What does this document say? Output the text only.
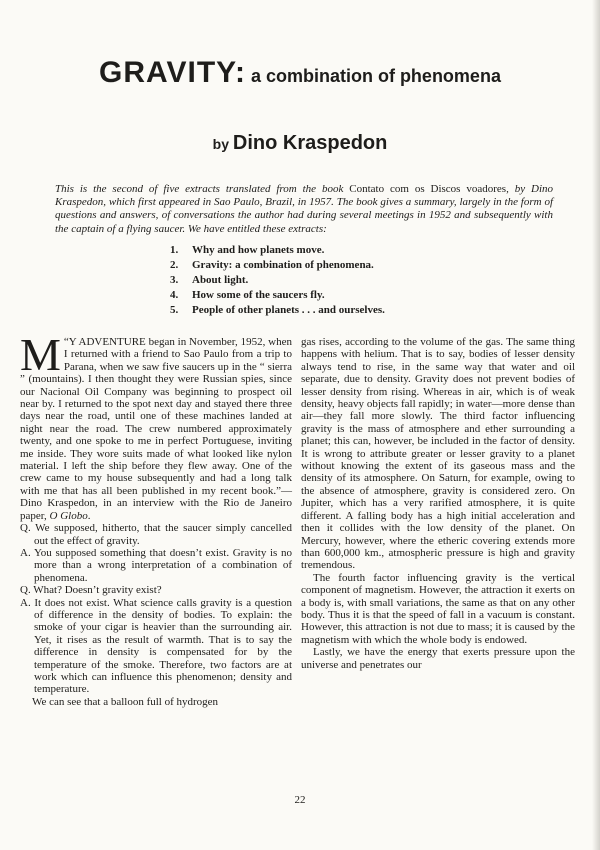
GRAVITY: a combination of phenomena
by Dino Kraspedon

This is the second of five extracts translated from the book Contato com os Discos voadores, by Dino Kraspedon, which first appeared in Sao Paulo, Brazil, in 1957. The book gives a summary, largely in the form of questions and answers, of conversations the author had during several meetings in 1952 and subsequently with the captain of a flying saucer. We have entitled these extracts:

1. Why and how planets move.
2. Gravity: a combination of phenomena.
3. About light.
4. How some of the saucers fly.
5. People of other planets . . . and ourselves.

“
M Y ADVENTURE began in November, 1952, when I returned with a friend to Sao Paulo from a trip to Parana, when we saw five saucers up in the “ sierra ” (mountains). I then thought they were Russian spies, since our Nacional Oil Company was beginning to prospect oil near by. I returned to the spot next day and stayed there three days near the road, until one of these machines landed at night near the road. The crew numbered approximately twenty, and one spoke to me in perfect Portuguese, inviting me inside. They wore suits made of what looked like nylon material. I left the ship before they flew away. One of the crew came to my house subsequently and had a long talk with me that has all been published in my recent book.”—Dino Kraspedon, in an interview with the Rio de Janeiro paper, O Globo.

Q. We supposed, hitherto, that the saucer simply cancelled out the effect of gravity.

A. You supposed something that doesn’t exist. Gravity is no more than a wrong interpretation of a combination of phenomena.

Q. What? Doesn’t gravity exist?

A. It does not exist. What science calls gravity is a question of difference in the density of bodies. To explain: the smoke of your cigar is heavier than the surrounding air. Yet, it rises as the result of warmth. That is to say the difference in density is compensated for by the temperature of the smoke. Therefore, two factors are at work which can influence this phenomenon; density and temperature.

We can see that a balloon full of hydrogen

gas rises, according to the volume of the gas. The same thing happens with helium. That is to say, bodies of lesser density always tend to rise, in the same way that water and oil separate, due to density. Gravity does not prevent bodies of lesser density from rising. Whereas in air, which is of weak density, heavy objects fall rapidly; in water—more dense than air—they fall more slowly. The third factor influencing gravity is the mass of atmosphere and ether surrounding a planet; this can, however, be included in the factor of density. It is wrong to attribute greater or lesser gravity to a planet without knowing the extent of its gaseous mass and the density of its atmosphere. On Saturn, for example, owing to the absence of atmosphere, gravity is considered zero. On Jupiter, which has a very rarified atmosphere, it is quite different. A falling body has a high initial acceleration and then it collides with the low density of the planet. On Mercury, however, where the etheric covering extends more than 600,000 km., atmospheric pressure is high and gravity tremendous.

The fourth factor influencing gravity is the vertical component of magnetism. However, the attraction it exerts on a body is, with small variations, the same as that on any other body. Thus it is that the speed of fall in a vacuum is constant. However, this attraction is not due to mass; it is caused by the magnetism with which the whole body is endowed.

Lastly, we have the energy that exerts pressure upon the universe and penetrates our

22
